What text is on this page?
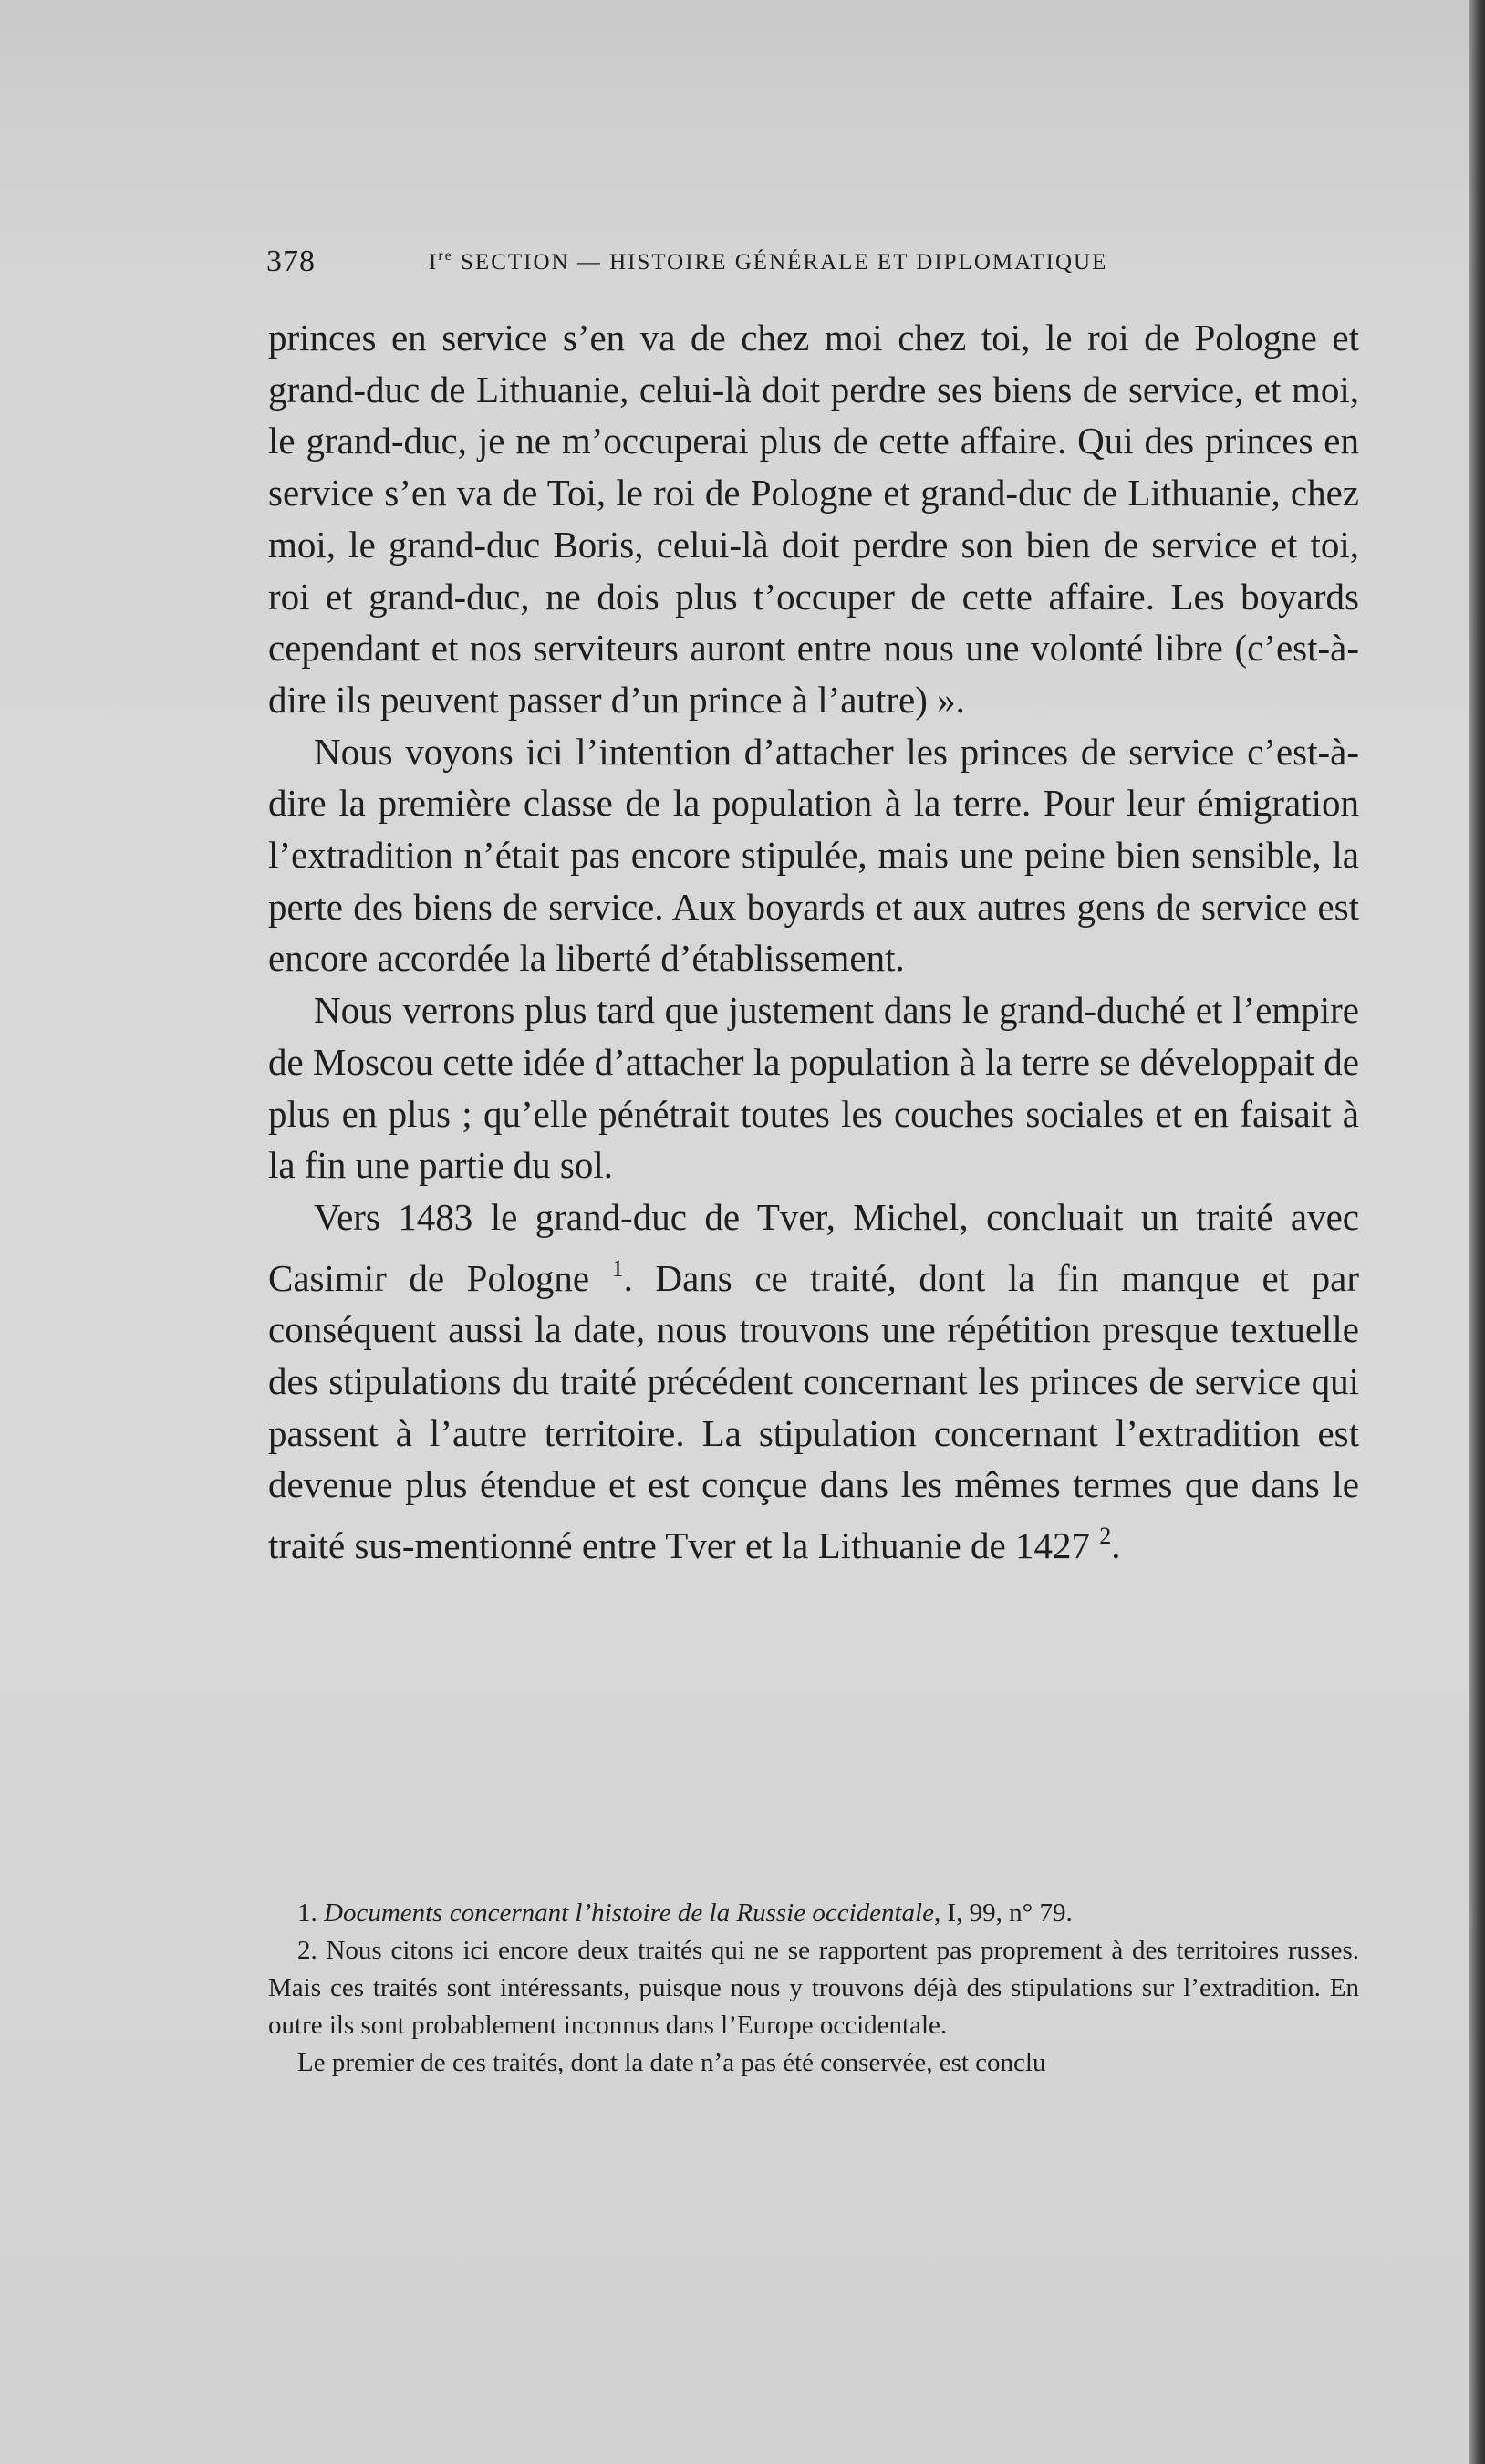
378	Ire SECTION — HISTOIRE GÉNÉRALE ET DIPLOMATIQUE

princes en service s’en va de chez moi chez toi, le roi de Pologne et grand-duc de Lithuanie, celui-là doit perdre ses biens de service, et moi, le grand-duc, je ne m’occuperai plus de cette affaire. Qui des princes en service s’en va de Toi, le roi de Pologne et grand-duc de Lithuanie, chez moi, le grand-duc Boris, celui-là doit perdre son bien de service et toi, roi et grand-duc, ne dois plus t’occuper de cette affaire. Les boyards cependant et nos serviteurs auront entre nous une volonté libre (c’est-à-dire ils peuvent passer d’un prince à l’autre) ».

Nous voyons ici l’intention d’attacher les princes de service c’est-à-dire la première classe de la population à la terre. Pour leur émigration l’extradition n’était pas encore stipulée, mais une peine bien sensible, la perte des biens de service. Aux boyards et aux autres gens de service est encore accordée la liberté d’établissement.

Nous verrons plus tard que justement dans le grand-duché et l’empire de Moscou cette idée d’attacher la population à la terre se développait de plus en plus ; qu’elle pénétrait toutes les couches sociales et en faisait à la fin une partie du sol.

Vers 1483 le grand-duc de Tver, Michel, concluait un traité avec Casimir de Pologne $^1$. Dans ce traité, dont la fin manque et par conséquent aussi la date, nous trouvons une répétition presque textuelle des stipulations du traité précédent concernant les princes de service qui passent à l’autre territoire. La stipulation concernant l’extradition est devenue plus étendue et est conçue dans les mêmes termes que dans le traité sus-mentionné entre Tver et la Lithuanie de 1427 $^2$.

1. Documents concernant l’histoire de la Russie occidentale, I, 99, n° 79.

2. Nous citons ici encore deux traités qui ne se rapportent pas proprement à des territoires russes. Mais ces traités sont intéressants, puisque nous y trouvons déjà des stipulations sur l’extradition. En outre ils sont probablement inconnus dans l’Europe occidentale.

Le premier de ces traités, dont la date n’a pas été conservée, est conclu
